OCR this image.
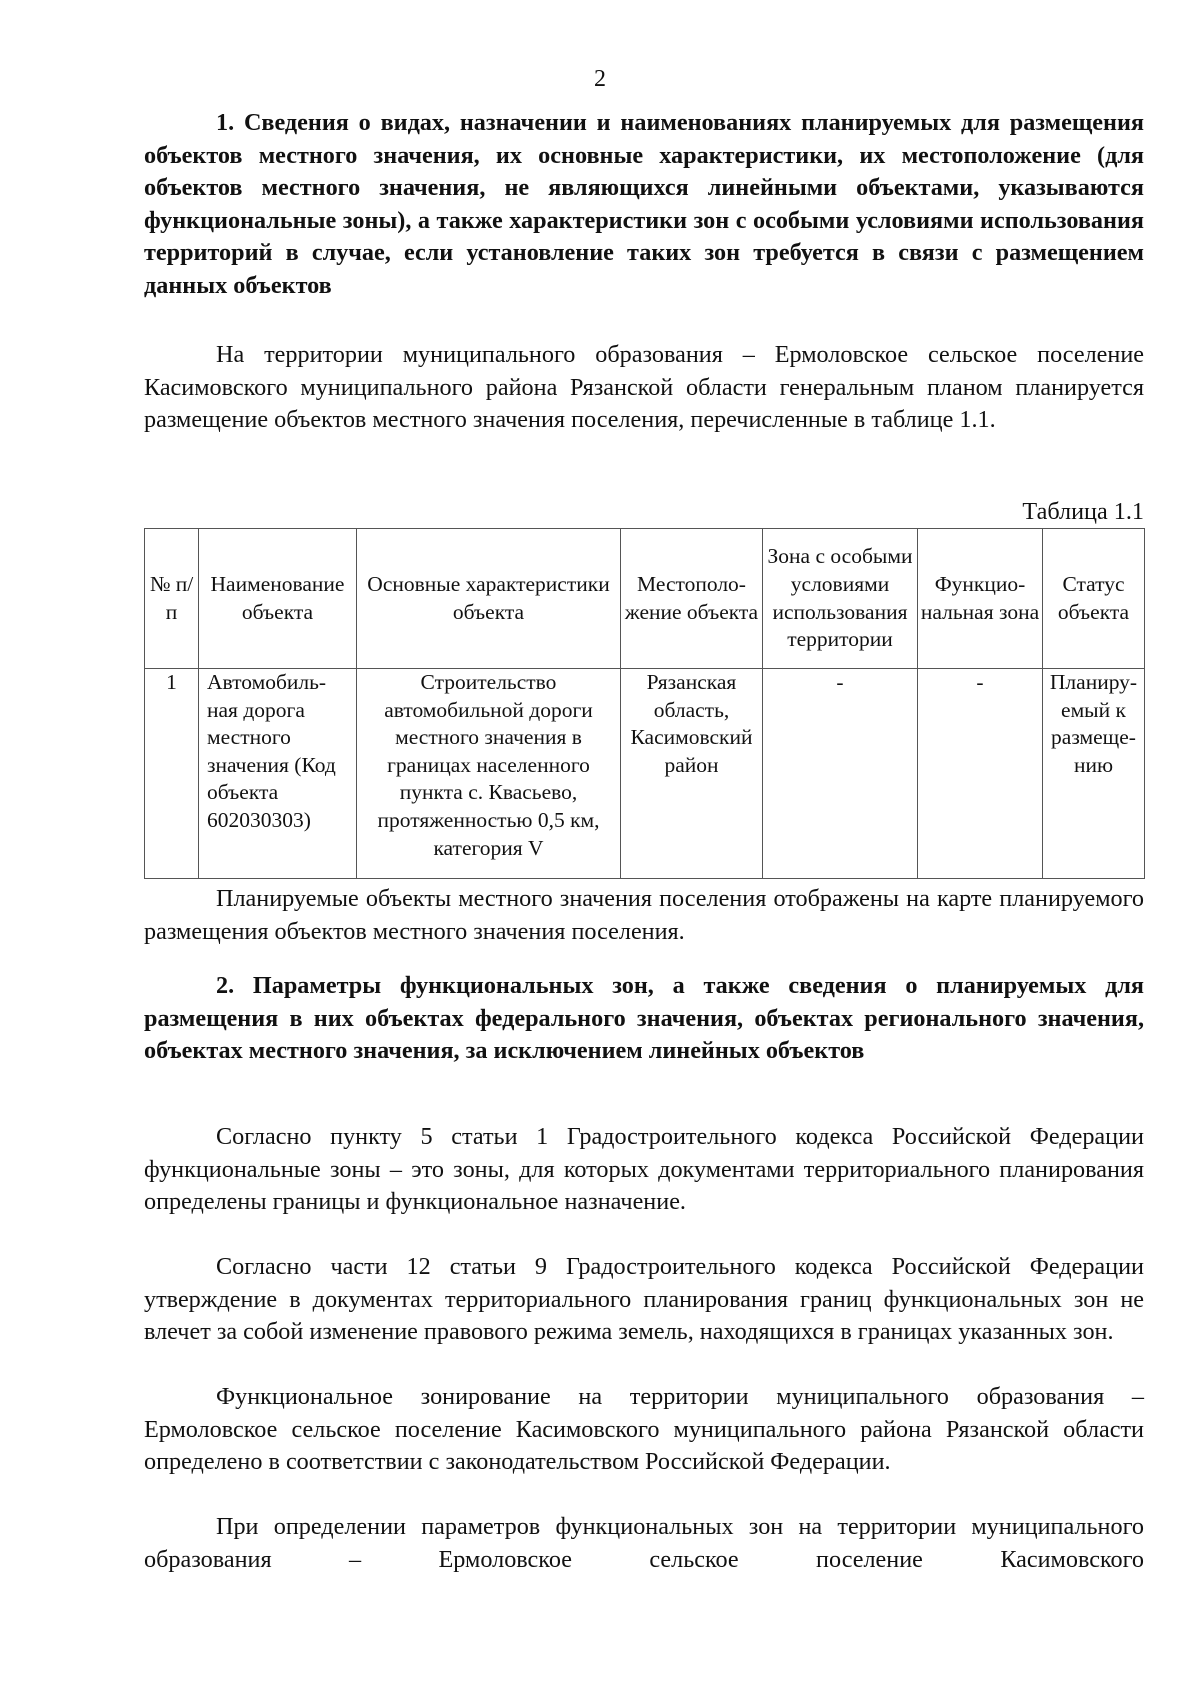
2

1. Сведения о видах, назначении и наименованиях планируемых для размещения объектов местного значения, их основные характеристики, их местоположение (для объектов местного значения, не являющихся линейными объектами, указываются функциональные зоны), а также характеристики зон с особыми условиями использования территорий в случае, если установление таких зон требуется в связи с размещением данных объектов

На территории муниципального образования – Ермоловское сельское поселение Касимовского муниципального района Рязанской области генеральным планом планируется размещение объектов местного значения поселения, перечисленные в таблице 1.1.

Таблица 1.1

№ п/п	Наименование объекта	Основные характеристики объекта	Местополо-жение объекта	Зона с особыми условиями использования территории	Функцио-нальная зона	Статус объекта
1	Автомобиль-ная дорога местного значения (Код объекта 602030303)	Строительство автомобильной дороги местного значения в границах населенного пункта с. Квасьево, протяженностью 0,5 км, категория V	Рязанская область, Касимовский район	-	-	Планиру-емый к размеще-нию

Планируемые объекты местного значения поселения отображены на карте планируемого размещения объектов местного значения поселения.

2. Параметры функциональных зон, а также сведения о планируемых для размещения в них объектах федерального значения, объектах регионального значения, объектах местного значения, за исключением линейных объектов

Согласно пункту 5 статьи 1 Градостроительного кодекса Российской Федерации функциональные зоны – это зоны, для которых документами территориального планирования определены границы и функциональное назначение.

Согласно части 12 статьи 9 Градостроительного кодекса Российской Федерации утверждение в документах территориального планирования границ функциональных зон не влечет за собой изменение правового режима земель, находящихся в границах указанных зон.

Функциональное зонирование на территории муниципального образования – Ермоловское сельское поселение Касимовского муниципального района Рязанской области определено в соответствии с законодательством Российской Федерации.

При определении параметров функциональных зон на территории муниципального образования – Ермоловское сельское поселение Касимовского
